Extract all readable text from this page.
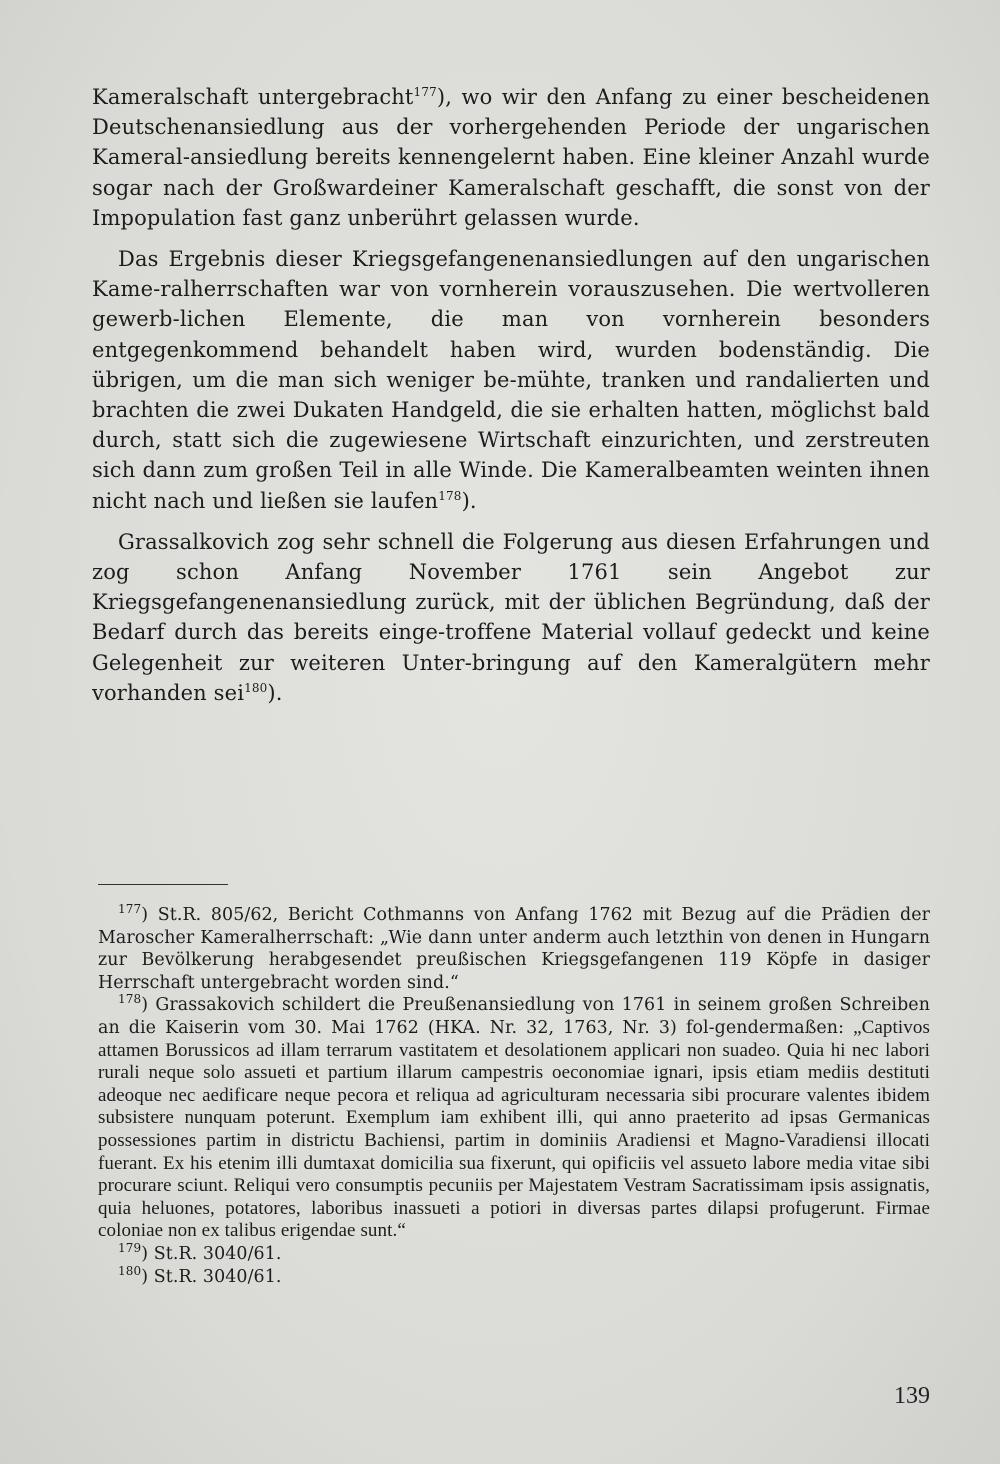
Kameralschaft untergebracht$^{177}$), wo wir den Anfang zu einer bescheidenen Deutschenansiedlung aus der vorhergehenden Periode der ungarischen Kameral-ansiedlung bereits kennengelernt haben. Eine kleiner Anzahl wurde sogar nach der Großwardeiner Kameralschaft geschafft, die sonst von der Impopulation fast ganz unberührt gelassen wurde.

Das Ergebnis dieser Kriegsgefangenenansiedlungen auf den ungarischen Kame-ralherrschaften war von vornherein vorauszusehen. Die wertvolleren gewerb-lichen Elemente, die man von vornherein besonders entgegenkommend behandelt haben wird, wurden bodenständig. Die übrigen, um die man sich weniger be-mühte, tranken und randalierten und brachten die zwei Dukaten Handgeld, die sie erhalten hatten, möglichst bald durch, statt sich die zugewiesene Wirtschaft einzurichten, und zerstreuten sich dann zum großen Teil in alle Winde. Die Kameralbeamten weinten ihnen nicht nach und ließen sie laufen$^{178}$).

Grassalkovich zog sehr schnell die Folgerung aus diesen Erfahrungen und zog schon Anfang November 1761 sein Angebot zur Kriegsgefangenenansiedlung zurück, mit der üblichen Begründung, daß der Bedarf durch das bereits einge-troffene Material vollauf gedeckt und keine Gelegenheit zur weiteren Unter-bringung auf den Kameralgütern mehr vorhanden sei$^{180}$).

$^{177}$) St.R. 805/62, Bericht Cothmanns von Anfang 1762 mit Bezug auf die Prädien der Maroscher Kameralherrschaft: „Wie dann unter anderm auch letzthin von denen in Hungarn zur Bevölkerung herabgesendet preußischen Kriegsgefangenen 119 Köpfe in dasiger Herrschaft untergebracht worden sind.“

$^{178}$) Grassakovich schildert die Preußenansiedlung von 1761 in seinem großen Schreiben an die Kaiserin vom 30. Mai 1762 (HKA. Nr. 32, 1763, Nr. 3) fol-gendermaßen: „Captivos attamen Borussicos ad illam terrarum vastitatem et desolationem applicari non suadeo. Quia hi nec labori rurali neque solo assueti et partium illarum campestris oeconomiae ignari, ipsis etiam mediis destituti adeoque nec aedificare neque pecora et reliqua ad agriculturam necessaria sibi procurare valentes ibidem subsistere nunquam poterunt. Exemplum iam exhibent illi, qui anno praeterito ad ipsas Germanicas possessiones partim in districtu Bachiensi, partim in dominiis Aradiensi et Magno-Varadiensi illocati fuerant. Ex his etenim illi dumtaxat domicilia sua fixerunt, qui opificiis vel assueto labore media vitae sibi procurare sciunt. Reliqui vero consumptis pecuniis per Majestatem Vestram Sacratissimam ipsis assignatis, quia heluones, potatores, laboribus inassueti a potiori in diversas partes dilapsi profugerunt. Firmae coloniae non ex talibus erigendae sunt.“

$^{179}$) St.R. 3040/61.

$^{180}$) St.R. 3040/61.

139
